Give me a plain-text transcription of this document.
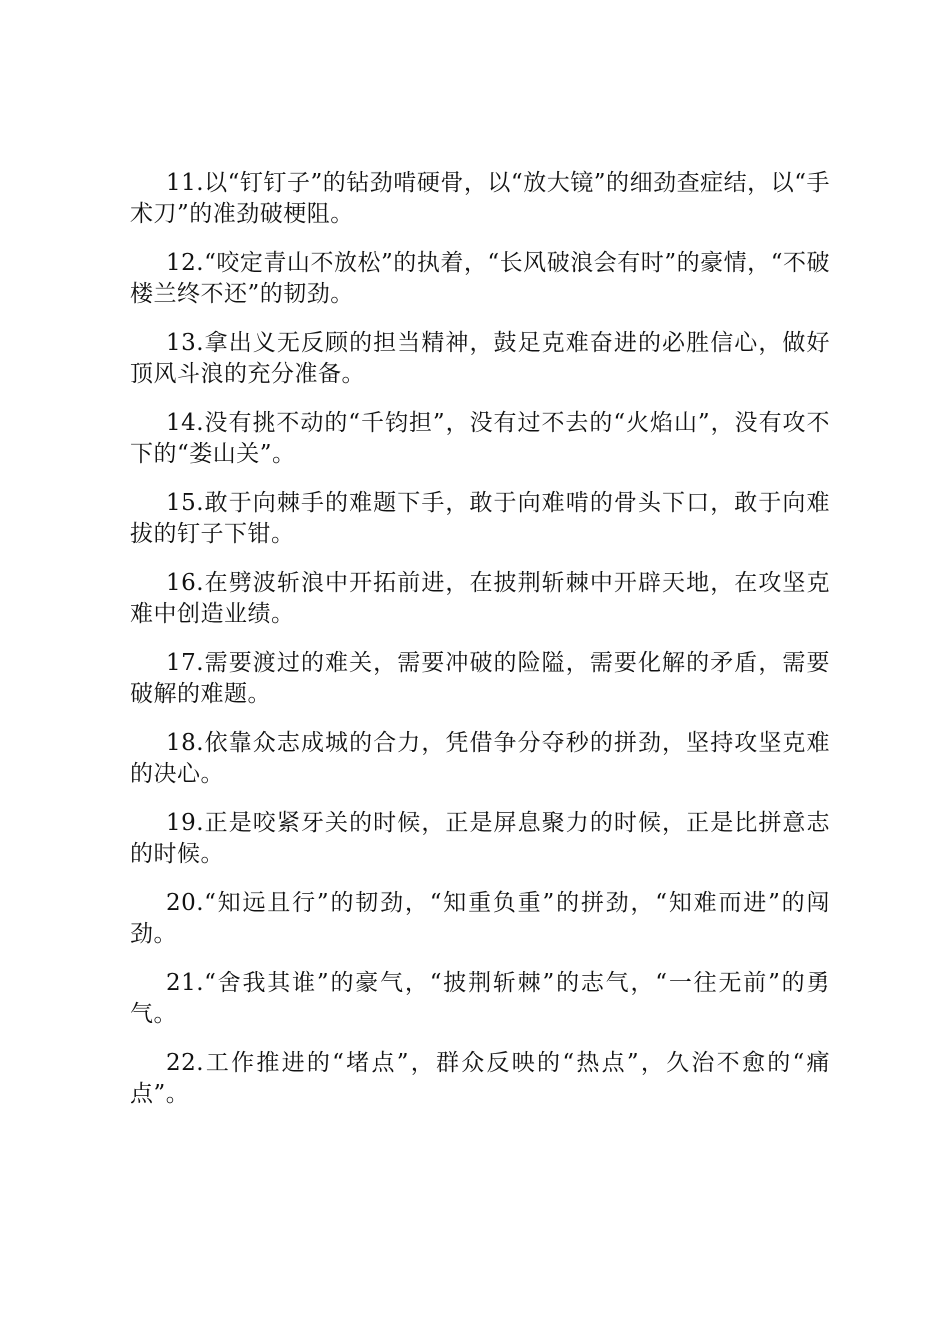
11.以“钉钉子”的钻劲啃硬骨，以“放大镜”的细劲查症结，以“手术刀”的准劲破梗阻。

12.“咬定青山不放松”的执着，“长风破浪会有时”的豪情，“不破楼兰终不还”的韧劲。

13.拿出义无反顾的担当精神，鼓足克难奋进的必胜信心，做好顶风斗浪的充分准备。

14.没有挑不动的“千钧担”，没有过不去的“火焰山”，没有攻不下的“娄山关”。

15.敢于向棘手的难题下手，敢于向难啃的骨头下口，敢于向难拔的钉子下钳。

16.在劈波斩浪中开拓前进，在披荆斩棘中开辟天地，在攻坚克难中创造业绩。

17.需要渡过的难关，需要冲破的险隘，需要化解的矛盾，需要破解的难题。

18.依靠众志成城的合力，凭借争分夺秒的拼劲，坚持攻坚克难的决心。

19.正是咬紧牙关的时候，正是屏息聚力的时候，正是比拼意志的时候。

20.“知远且行”的韧劲，“知重负重”的拼劲，“知难而进”的闯劲。

21.“舍我其谁”的豪气，“披荆斩棘”的志气，“一往无前”的勇气。

22.工作推进的“堵点”，群众反映的“热点”，久治不愈的“痛点”。
